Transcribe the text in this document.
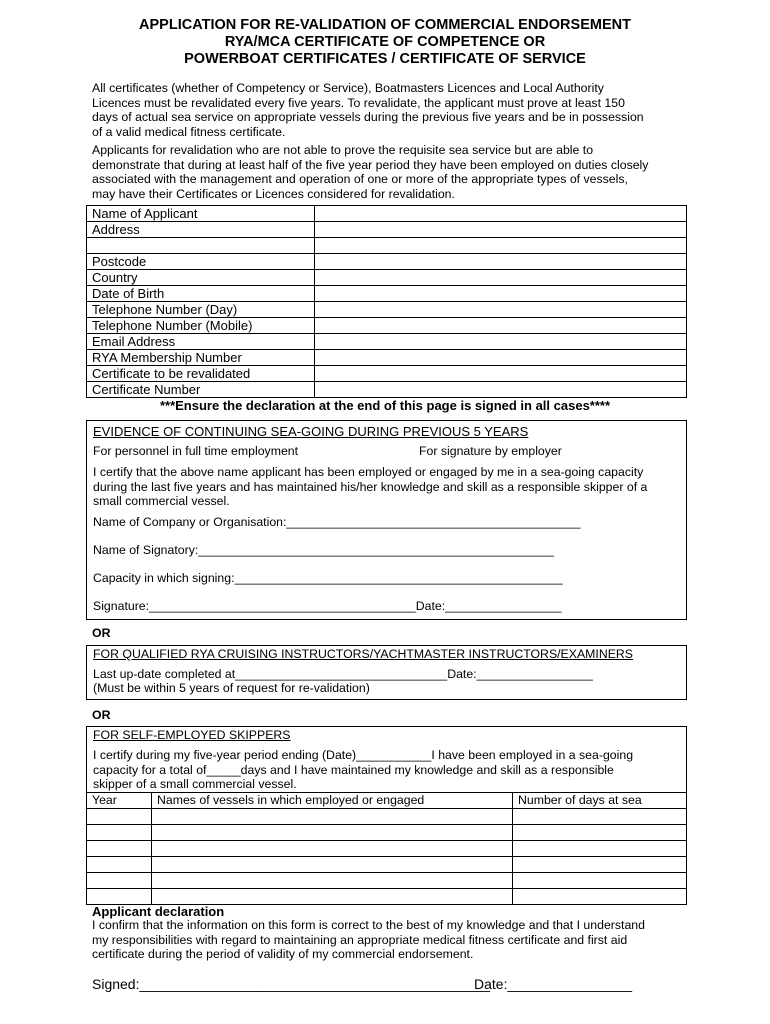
APPLICATION FOR RE-VALIDATION OF COMMERCIAL ENDORSEMENT
RYA/MCA CERTIFICATE OF COMPETENCE OR
POWERBOAT CERTIFICATES / CERTIFICATE OF SERVICE
All certificates (whether of Competency or Service), Boatmasters Licences and Local Authority
Licences must be revalidated every five years. To revalidate, the applicant must prove at least 150
days of actual sea service on appropriate vessels during the previous five years and be in possession
of a valid medical fitness certificate.
Applicants for revalidation who are not able to prove the requisite sea service but are able to
demonstrate that during at least half of the five year period they have been employed on duties closely
associated with the management and operation of one or more of the appropriate types of vessels,
may have their Certificates or Licences considered for revalidation.
Name of Applicant	
Address	

Postcode	
Country	
Date of Birth	
Telephone Number (Day)	
Telephone Number (Mobile)	
Email Address	
RYA Membership Number	
Certificate to be revalidated	
Certificate Number	
***Ensure the declaration at the end of this page is signed in all cases****
EVIDENCE OF CONTINUING SEA-GOING DURING PREVIOUS 5 YEARS
For personnel in full time employment	For signature by employer
I certify that the above name applicant has been employed or engaged by me in a sea-going capacity
during the last five years and has maintained his/her knowledge and skill as a responsible skipper of a
small commercial vessel.
Name of Company or Organisation:___________________________________________
Name of Signatory:____________________________________________________
Capacity in which signing:________________________________________________
Signature:_______________________________________Date:_________________
OR
FOR QUALIFIED RYA CRUISING INSTRUCTORS/YACHTMASTER INSTRUCTORS/EXAMINERS
Last up-date completed at_______________________________Date:_________________
(Must be within 5 years of request for re-validation)
OR
FOR SELF-EMPLOYED SKIPPERS
I certify during my five-year period ending (Date)___________I have been employed in a sea-going
capacity for a total of_____days and I have maintained my knowledge and skill as a responsible
skipper of a small commercial vessel.
Year	Names of vessels in which employed or engaged	Number of days at sea

Applicant declaration
I confirm that the information on this form is correct to the best of my knowledge and that I understand
my responsibilities with regard to maintaining an appropriate medical fitness certificate and first aid
certificate during the period of validity of my commercial endorsement.
Signed:_____________________________________________
Date:________________
